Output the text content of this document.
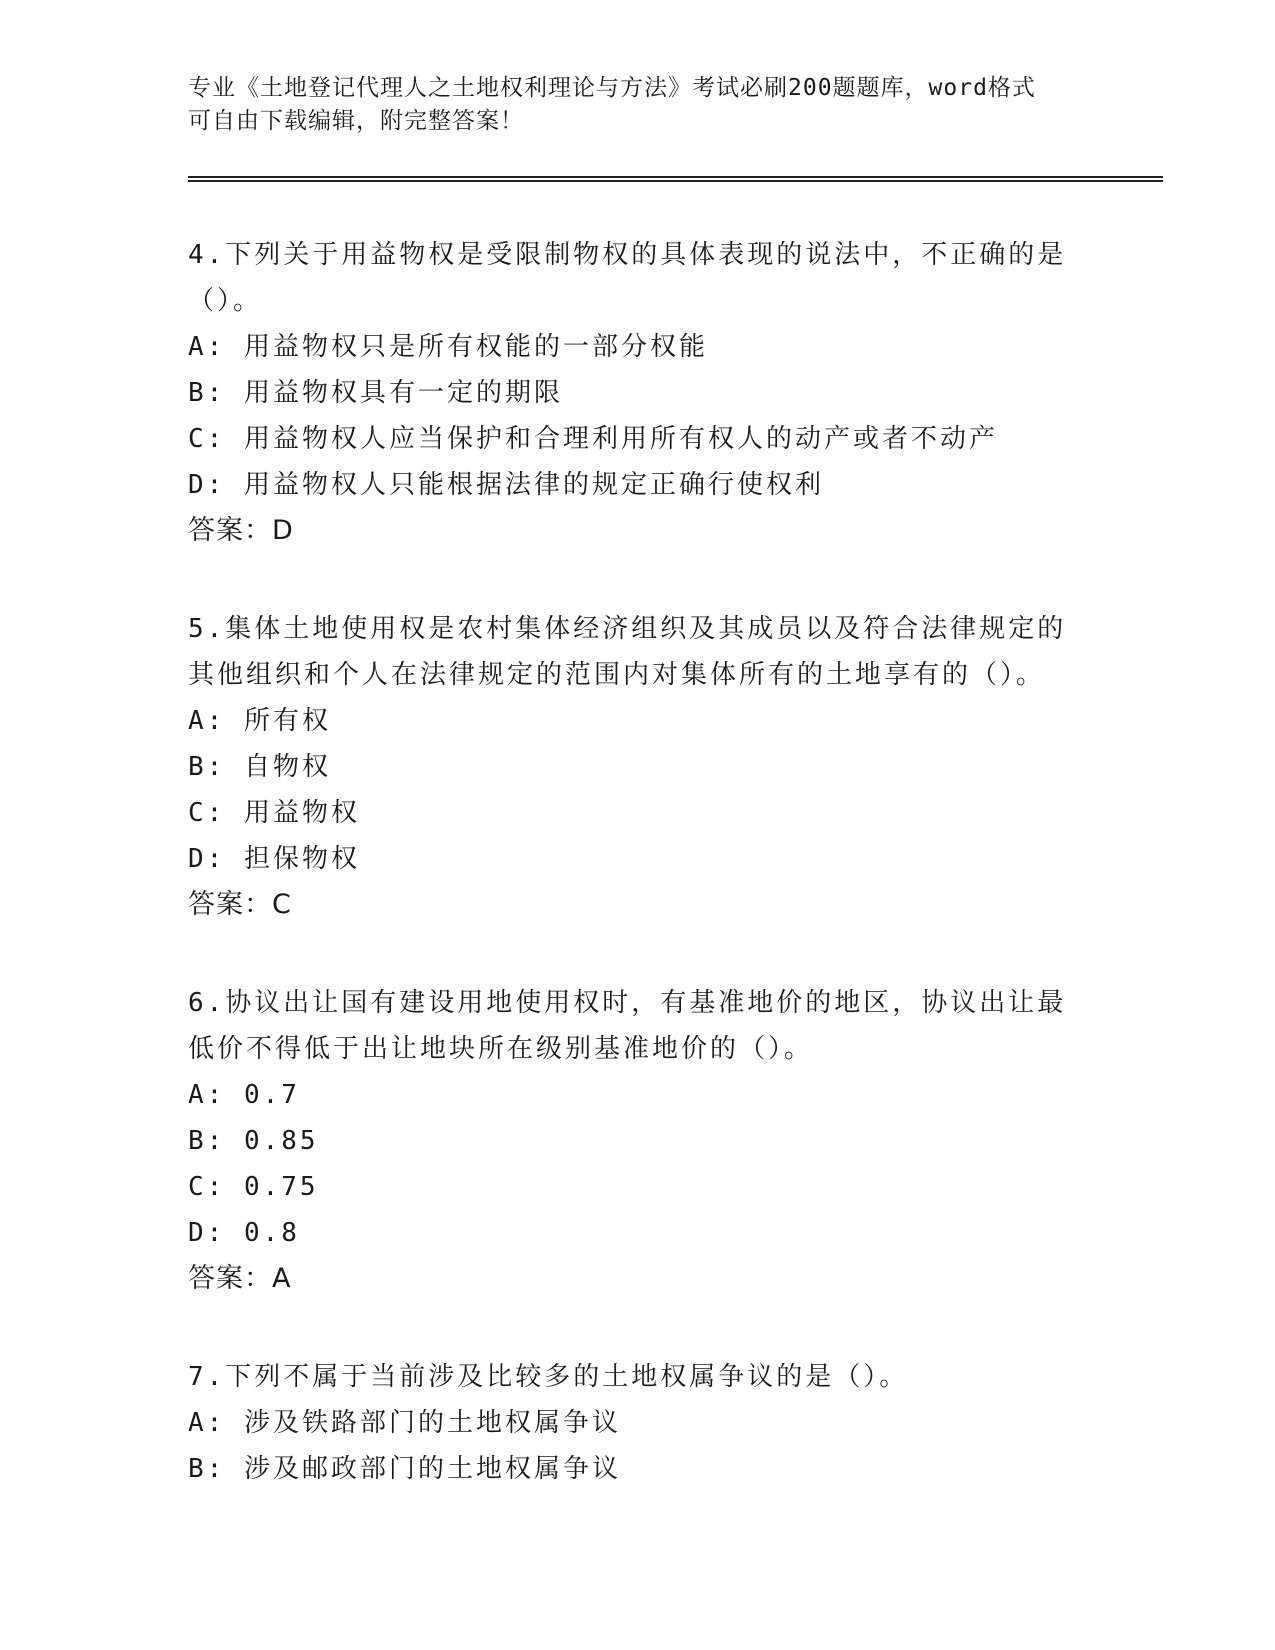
专业《土地登记代理人之土地权利理论与方法》考试必刷200题题库，word格式
可自由下载编辑，附完整答案！
4.下列关于用益物权是受限制物权的具体表现的说法中，不正确的是（）。
A: 用益物权只是所有权能的一部分权能
B: 用益物权具有一定的期限
C: 用益物权人应当保护和合理利用所有权人的动产或者不动产
D: 用益物权人只能根据法律的规定正确行使权利
答案：D
5.集体土地使用权是农村集体经济组织及其成员以及符合法律规定的其他组织和个人在法律规定的范围内对集体所有的土地享有的（）。
A: 所有权
B: 自物权
C: 用益物权
D: 担保物权
答案：C
6.协议出让国有建设用地使用权时，有基准地价的地区，协议出让最低价不得低于出让地块所在级别基准地价的（）。
A: 0.7
B: 0.85
C: 0.75
D: 0.8
答案：A
7.下列不属于当前涉及比较多的土地权属争议的是（）。
A: 涉及铁路部门的土地权属争议
B: 涉及邮政部门的土地权属争议
